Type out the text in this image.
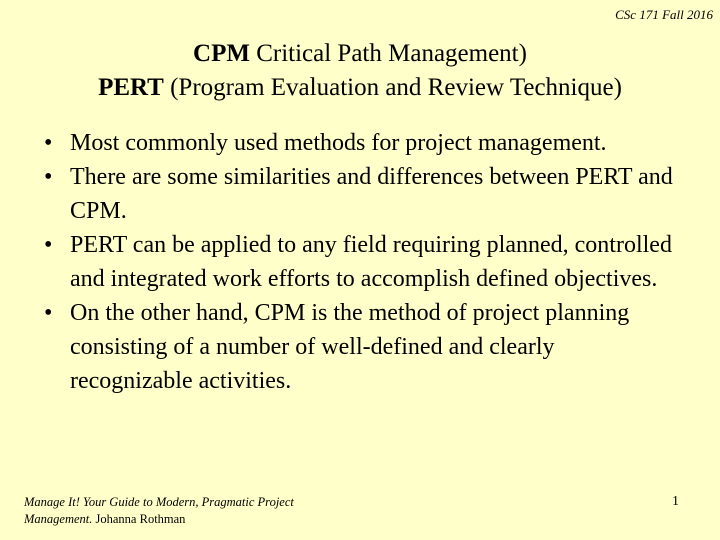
CSc 171 Fall 2016
CPM Critical Path Management)
PERT (Program Evaluation and Review Technique)
• Most commonly used methods for project management.
• There are some similarities and differences between PERT and CPM.
• PERT can be applied to any field requiring planned, controlled and integrated work efforts to accomplish defined objectives.
• On the other hand, CPM is the method of project planning consisting of a number of well-defined and clearly recognizable activities.
Manage It! Your Guide to Modern, Pragmatic Project Management. Johanna Rothman
1
